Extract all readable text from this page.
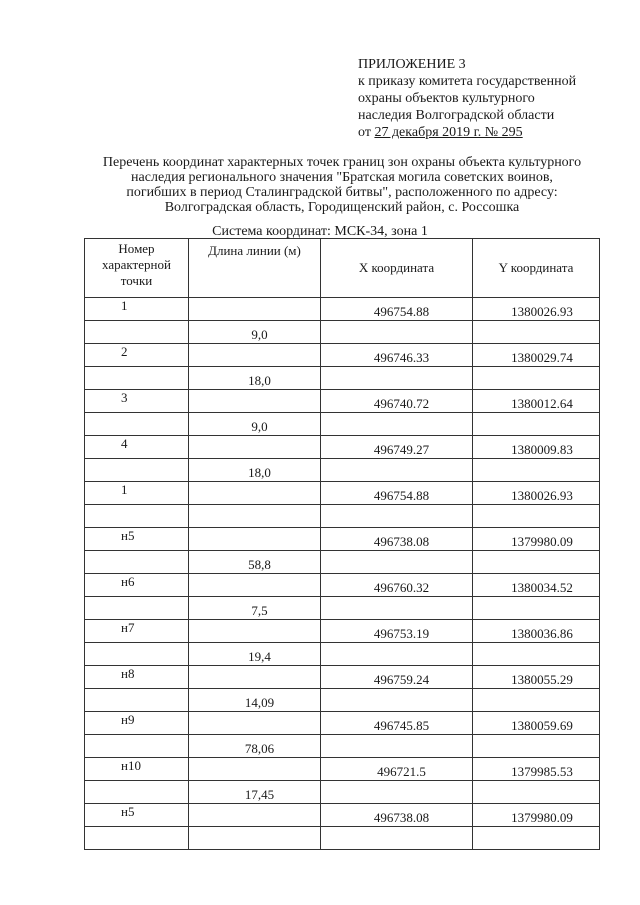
ПРИЛОЖЕНИЕ 3
к приказу комитета государственной
охраны объектов культурного
наследия Волгоградской области
от 27 декабря 2019 г. № 295
Перечень координат характерных точек границ зон охраны объекта культурного
наследия регионального значения "Братская могила советских воинов,
погибших в период Сталинградской битвы", расположенного по адресу:
Волгоградская область, Городищенский район, с. Россошка
Система координат: МСК-34, зона 1
Номер характерной точки	Длина линии (м)	X координата	Y координата
1		496754.88	1380026.93
	9,0		
2		496746.33	1380029.74
	18,0		
3		496740.72	1380012.64
	9,0		
4		496749.27	1380009.83
	18,0		
1		496754.88	1380026.93

н5		496738.08	1379980.09
	58,8		
н6		496760.32	1380034.52
	7,5		
н7		496753.19	1380036.86
	19,4		
н8		496759.24	1380055.29
	14,09		
н9		496745.85	1380059.69
	78,06		
н10		496721.5	1379985.53
	17,45		
н5		496738.08	1379980.09
